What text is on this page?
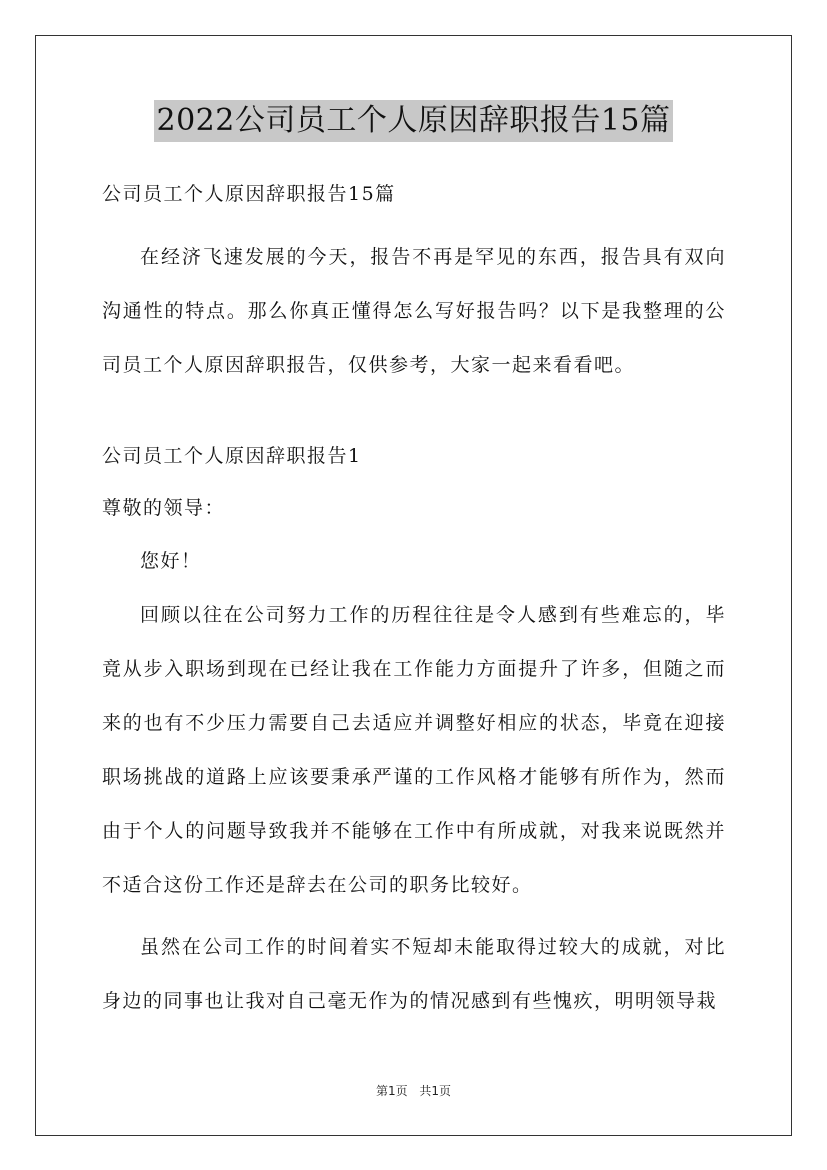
2022公司员工个人原因辞职报告15篇
公司员工个人原因辞职报告15篇
在经济飞速发展的今天，报告不再是罕见的东西，报告具有双向沟通性的特点。那么你真正懂得怎么写好报告吗？以下是我整理的公司员工个人原因辞职报告，仅供参考，大家一起来看看吧。
公司员工个人原因辞职报告1
尊敬的领导：
您好！
回顾以往在公司努力工作的历程往往是令人感到有些难忘的，毕竟从步入职场到现在已经让我在工作能力方面提升了许多，但随之而来的也有不少压力需要自己去适应并调整好相应的状态，毕竟在迎接职场挑战的道路上应该要秉承严谨的工作风格才能够有所作为，然而由于个人的问题导致我并不能够在工作中有所成就，对我来说既然并不适合这份工作还是辞去在公司的职务比较好。
虽然在公司工作的时间着实不短却未能取得过较大的成就，对比身边的同事也让我对自己毫无作为的情况感到有些愧疚，明明领导栽
第1页 共1页
